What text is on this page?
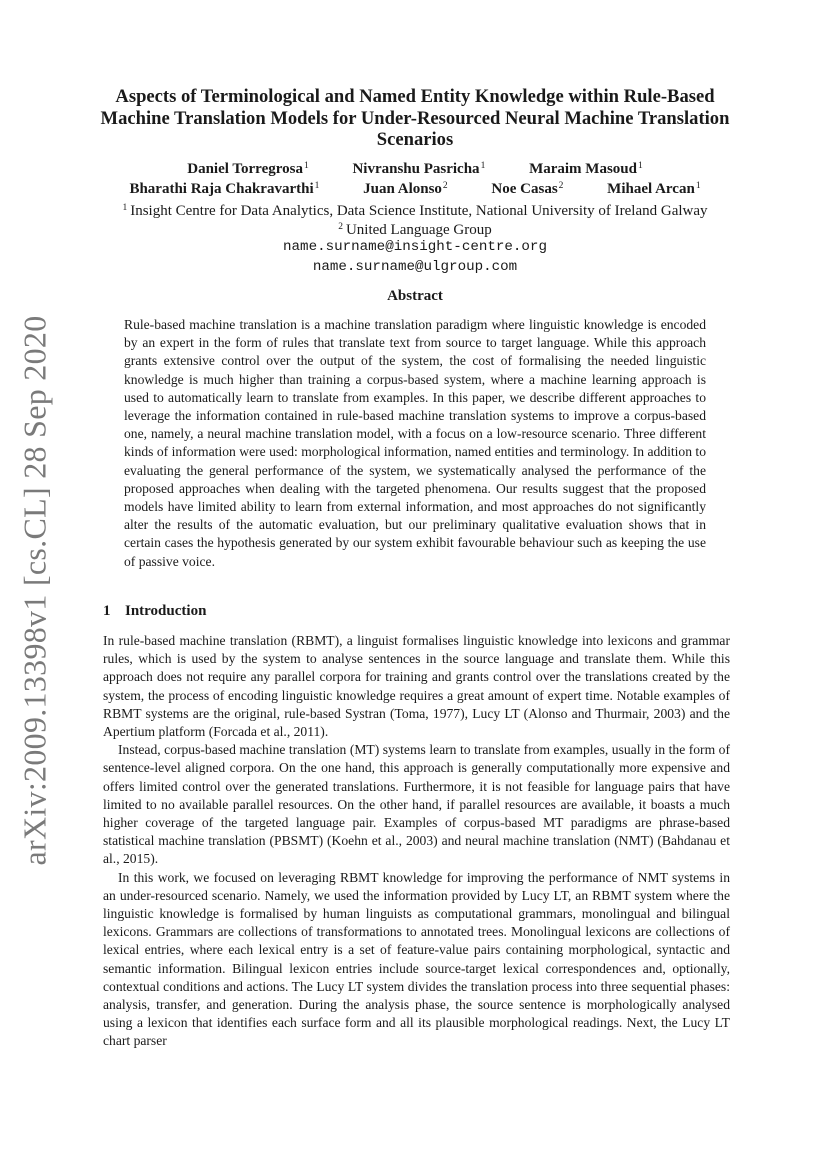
arXiv:2009.13398v1 [cs.CL] 28 Sep 2020
Aspects of Terminological and Named Entity Knowledge within Rule-Based Machine Translation Models for Under-Resourced Neural Machine Translation Scenarios
Daniel Torregrosa$^1$	Nivranshu Pasricha$^1$	Maraim Masoud$^1$
Bharathi Raja Chakravarthi$^1$	Juan Alonso$^2$	Noe Casas$^2$	Mihael Arcan$^1$
$^1$ Insight Centre for Data Analytics, Data Science Institute, National University of Ireland Galway
$^2$ United Language Group
name.surname@insight-centre.org
name.surname@ulgroup.com
Abstract
Rule-based machine translation is a machine translation paradigm where linguistic knowledge is encoded by an expert in the form of rules that translate text from source to target language. While this approach grants extensive control over the output of the system, the cost of formalising the needed linguistic knowledge is much higher than training a corpus-based system, where a machine learning approach is used to automatically learn to translate from examples. In this paper, we describe different approaches to leverage the information contained in rule-based machine translation systems to improve a corpus-based one, namely, a neural machine translation model, with a focus on a low-resource scenario. Three different kinds of information were used: morphological information, named entities and terminology. In addition to evaluating the general performance of the system, we systematically analysed the performance of the proposed approaches when dealing with the targeted phenomena. Our results suggest that the proposed models have limited ability to learn from external information, and most approaches do not significantly alter the results of the automatic evaluation, but our preliminary qualitative evaluation shows that in certain cases the hypothesis generated by our system exhibit favourable behaviour such as keeping the use of passive voice.
1 Introduction

In rule-based machine translation (RBMT), a linguist formalises linguistic knowledge into lexicons and grammar rules, which is used by the system to analyse sentences in the source language and translate them. While this approach does not require any parallel corpora for training and grants control over the translations created by the system, the process of encoding linguistic knowledge requires a great amount of expert time. Notable examples of RBMT systems are the original, rule-based Systran (Toma, 1977), Lucy LT (Alonso and Thurmair, 2003) and the Apertium platform (Forcada et al., 2011).

Instead, corpus-based machine translation (MT) systems learn to translate from examples, usually in the form of sentence-level aligned corpora. On the one hand, this approach is generally computationally more expensive and offers limited control over the generated translations. Furthermore, it is not feasible for language pairs that have limited to no available parallel resources. On the other hand, if parallel resources are available, it boasts a much higher coverage of the targeted language pair. Examples of corpus-based MT paradigms are phrase-based statistical machine translation (PBSMT) (Koehn et al., 2003) and neural machine translation (NMT) (Bahdanau et al., 2015).

In this work, we focused on leveraging RBMT knowledge for improving the performance of NMT systems in an under-resourced scenario. Namely, we used the information provided by Lucy LT, an RBMT system where the linguistic knowledge is formalised by human linguists as computational grammars, monolingual and bilingual lexicons. Grammars are collections of transformations to annotated trees. Monolingual lexicons are collections of lexical entries, where each lexical entry is a set of feature-value pairs containing morphological, syntactic and semantic information. Bilingual lexicon entries include source-target lexical correspondences and, optionally, contextual conditions and actions. The Lucy LT system divides the translation process into three sequential phases: analysis, transfer, and generation. During the analysis phase, the source sentence is morphologically analysed using a lexicon that identifies each surface form and all its plausible morphological readings. Next, the Lucy LT chart parser
